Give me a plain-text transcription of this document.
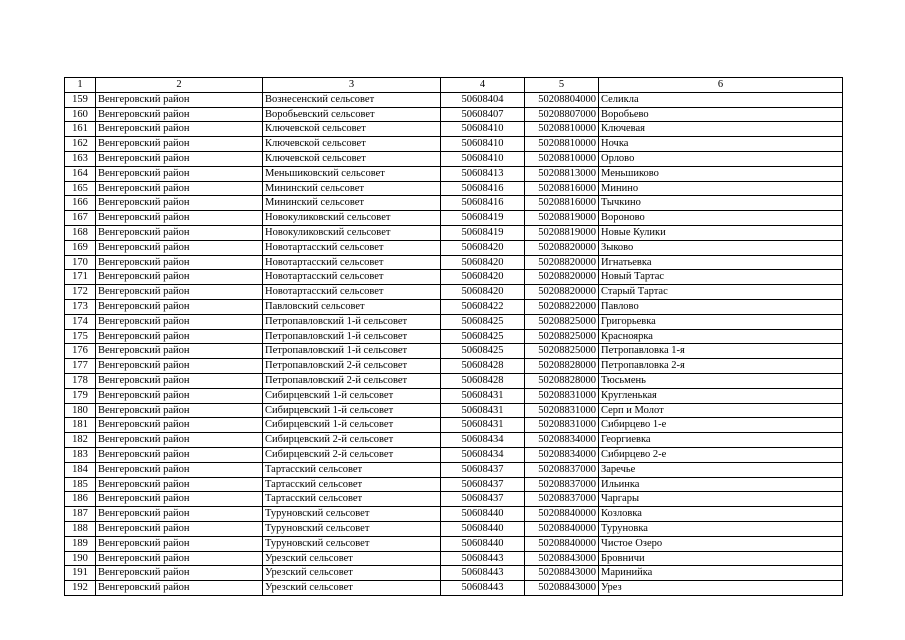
1	2	3	4	5	6
159	Венгеровский район	Вознесенский сельсовет	50608404	50208804000	Селикла
160	Венгеровский район	Воробьевский сельсовет	50608407	50208807000	Воробьево
161	Венгеровский район	Ключевской сельсовет	50608410	50208810000	Ключевая
162	Венгеровский район	Ключевской сельсовет	50608410	50208810000	Ночка
163	Венгеровский район	Ключевской сельсовет	50608410	50208810000	Орлово
164	Венгеровский район	Меньшиковский сельсовет	50608413	50208813000	Меньшиково
165	Венгеровский район	Мининский сельсовет	50608416	50208816000	Минино
166	Венгеровский район	Мининский сельсовет	50608416	50208816000	Тычкино
167	Венгеровский район	Новокуликовский сельсовет	50608419	50208819000	Вороново
168	Венгеровский район	Новокуликовский сельсовет	50608419	50208819000	Новые Кулики
169	Венгеровский район	Новотартасский сельсовет	50608420	50208820000	Зыково
170	Венгеровский район	Новотартасский сельсовет	50608420	50208820000	Игнатьевка
171	Венгеровский район	Новотартасский сельсовет	50608420	50208820000	Новый Тартас
172	Венгеровский район	Новотартасский сельсовет	50608420	50208820000	Старый Тартас
173	Венгеровский район	Павловский сельсовет	50608422	50208822000	Павлово
174	Венгеровский район	Петропавловский 1-й сельсовет	50608425	50208825000	Григорьевка
175	Венгеровский район	Петропавловский 1-й сельсовет	50608425	50208825000	Красноярка
176	Венгеровский район	Петропавловский 1-й сельсовет	50608425	50208825000	Петропавловка 1-я
177	Венгеровский район	Петропавловский 2-й сельсовет	50608428	50208828000	Петропавловка 2-я
178	Венгеровский район	Петропавловский 2-й сельсовет	50608428	50208828000	Тюсьмень
179	Венгеровский район	Сибирцевский 1-й сельсовет	50608431	50208831000	Кругленькая
180	Венгеровский район	Сибирцевский 1-й сельсовет	50608431	50208831000	Серп и Молот
181	Венгеровский район	Сибирцевский 1-й сельсовет	50608431	50208831000	Сибирцево 1-е
182	Венгеровский район	Сибирцевский 2-й сельсовет	50608434	50208834000	Георгиевка
183	Венгеровский район	Сибирцевский 2-й сельсовет	50608434	50208834000	Сибирцево 2-е
184	Венгеровский район	Тартасский сельсовет	50608437	50208837000	Заречье
185	Венгеровский район	Тартасский сельсовет	50608437	50208837000	Ильинка
186	Венгеровский район	Тартасский сельсовет	50608437	50208837000	Чаргары
187	Венгеровский район	Туруновский сельсовет	50608440	50208840000	Козловка
188	Венгеровский район	Туруновский сельсовет	50608440	50208840000	Туруновка
189	Венгеровский район	Туруновский сельсовет	50608440	50208840000	Чистое Озеро
190	Венгеровский район	Урезский сельсовет	50608443	50208843000	Бровничи
191	Венгеровский район	Урезский сельсовет	50608443	50208843000	Маринийка
192	Венгеровский район	Урезский сельсовет	50608443	50208843000	Урез
